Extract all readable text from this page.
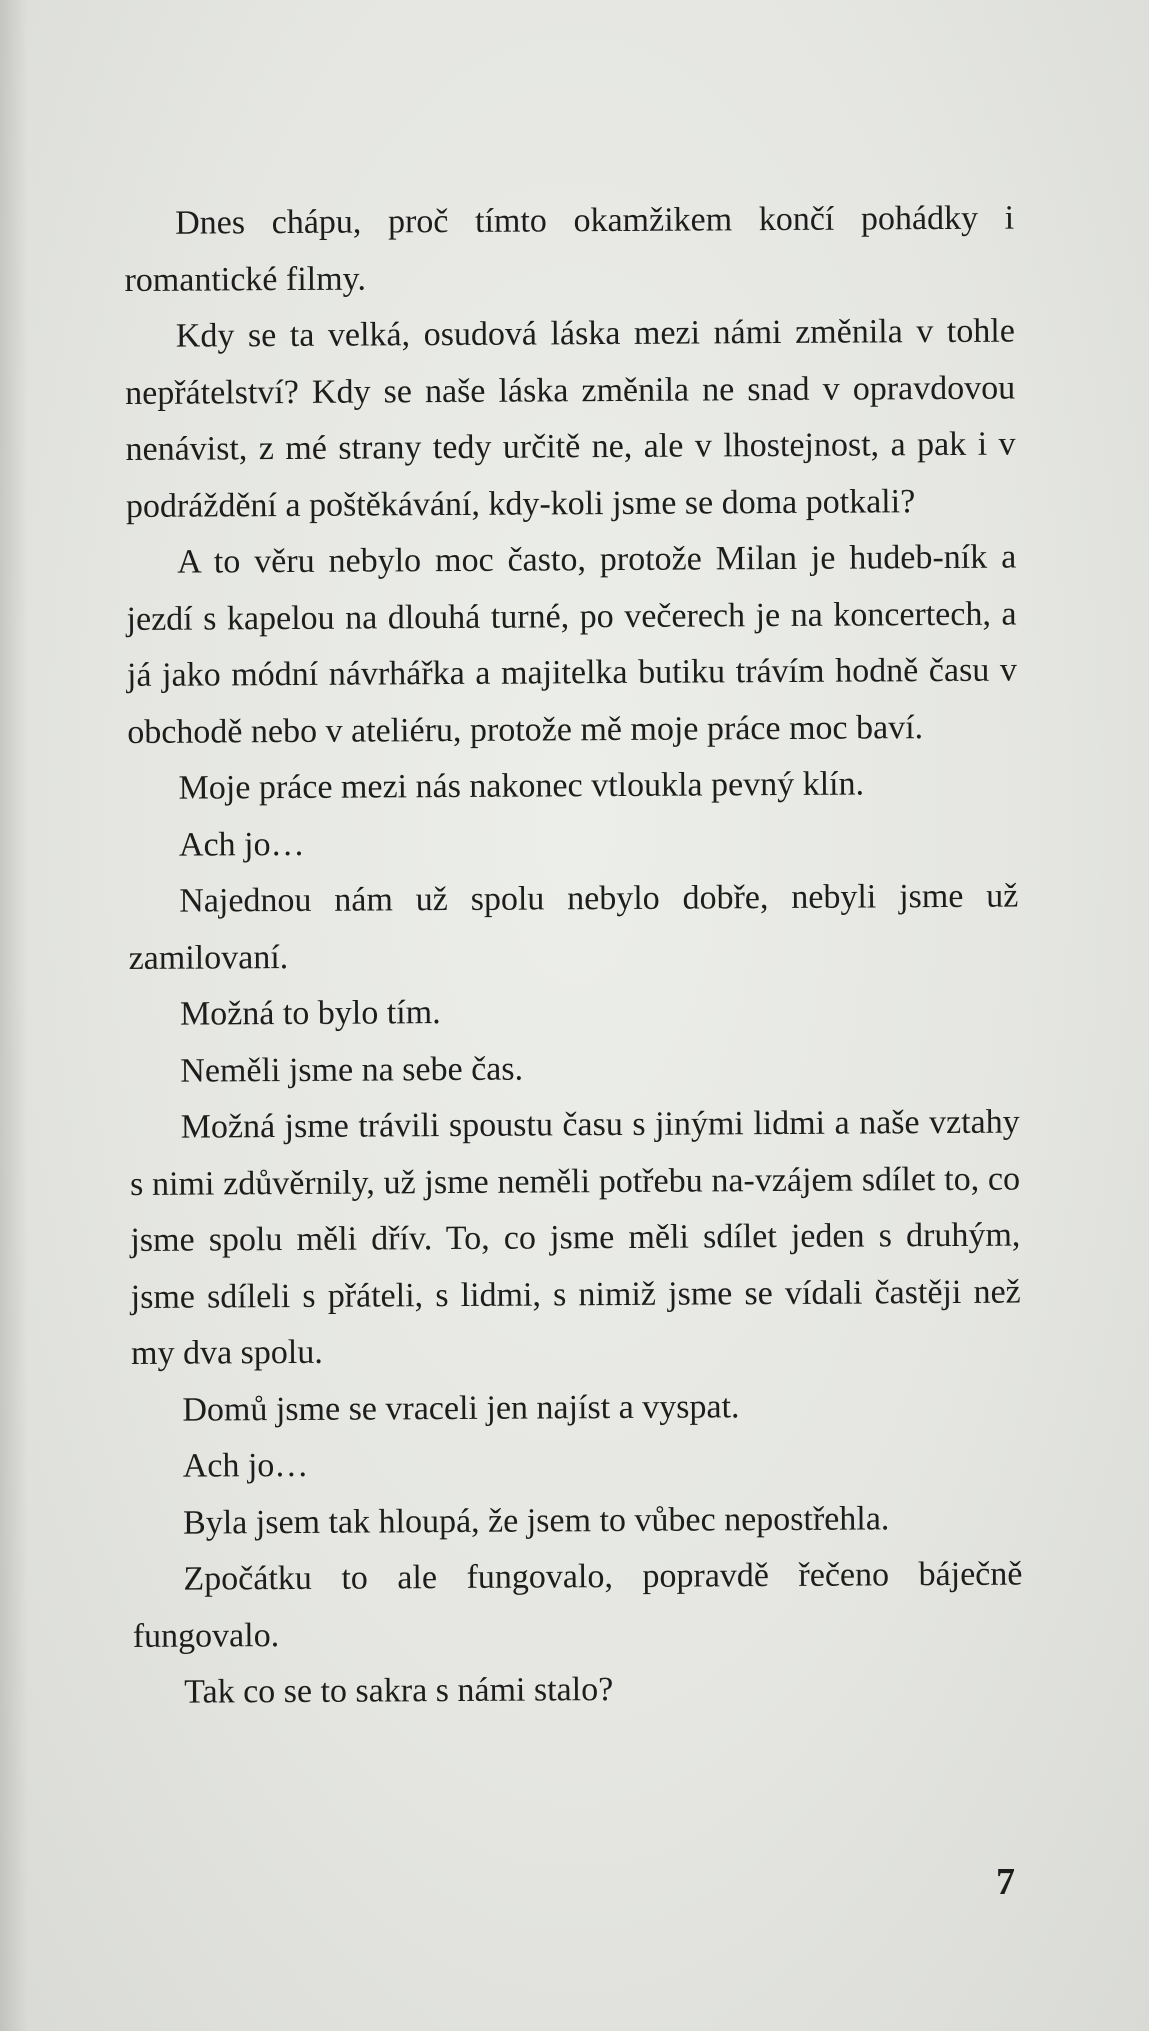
Dnes chápu, proč tímto okamžikem končí pohádky i romantické filmy.

Kdy se ta velká, osudová láska mezi námi změnila v tohle nepřátelství? Kdy se naše láska změnila ne snad v opravdovou nenávist, z mé strany tedy určitě ne, ale v lhostejnost, a pak i v podráždění a poštěkávání, kdy-koli jsme se doma potkali?

A to věru nebylo moc často, protože Milan je hudeb-ník a jezdí s kapelou na dlouhá turné, po večerech je na koncertech, a já jako módní návrhářka a majitelka butiku trávím hodně času v obchodě nebo v ateliéru, protože mě moje práce moc baví.

Moje práce mezi nás nakonec vtloukla pevný klín.

Ach jo…

Najednou nám už spolu nebylo dobře, nebyli jsme už zamilovaní.

Možná to bylo tím.

Neměli jsme na sebe čas.

Možná jsme trávili spoustu času s jinými lidmi a naše vztahy s nimi zdůvěrnily, už jsme neměli potřebu na-vzájem sdílet to, co jsme spolu měli dřív. To, co jsme měli sdílet jeden s druhým, jsme sdíleli s přáteli, s lidmi, s nimiž jsme se vídali častěji než my dva spolu.

Domů jsme se vraceli jen najíst a vyspat.

Ach jo…

Byla jsem tak hloupá, že jsem to vůbec nepostřehla.

Zpočátku to ale fungovalo, popravdě řečeno báječně fungovalo.

Tak co se to sakra s námi stalo?

7
